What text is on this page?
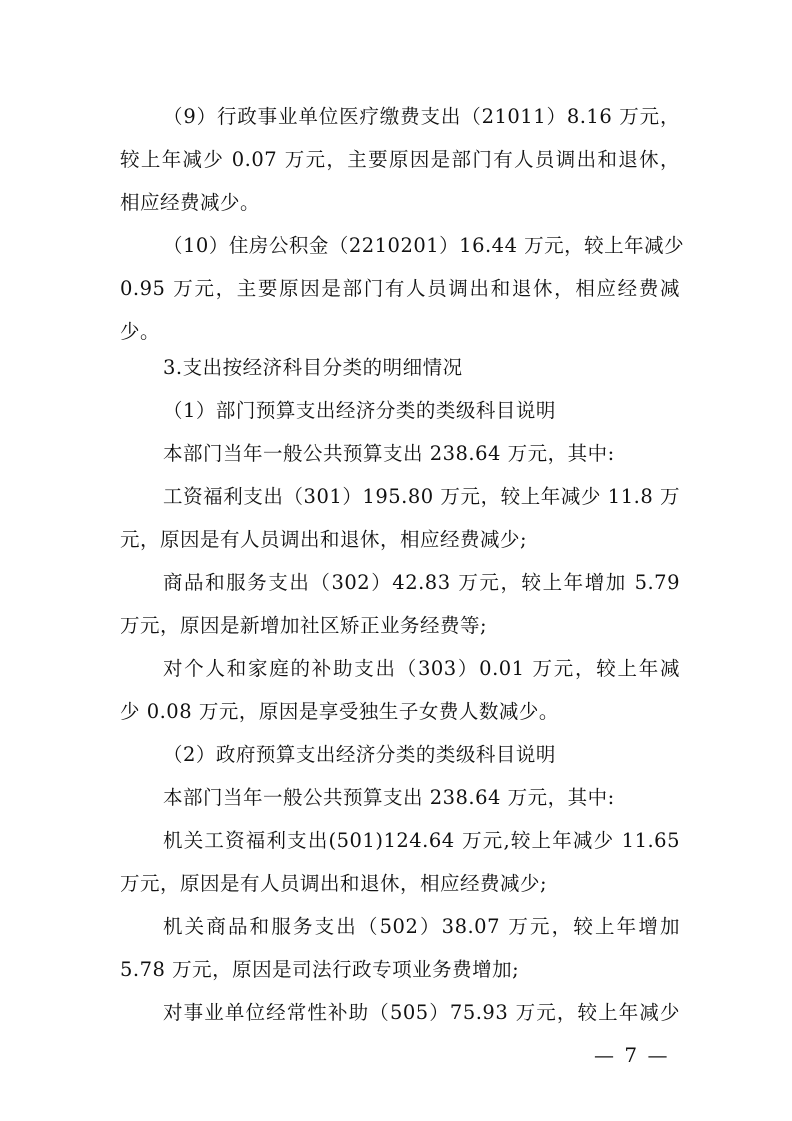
（9）行政事业单位医疗缴费支出（21011）8.16 万元，
较上年减少 0.07 万元，主要原因是部门有人员调出和退休，
相应经费减少。
（10）住房公积金（2210201）16.44 万元，较上年减少
0.95 万元，主要原因是部门有人员调出和退休，相应经费减
少。
3.支出按经济科目分类的明细情况
（1）部门预算支出经济分类的类级科目说明
本部门当年一般公共预算支出 238.64 万元，其中:
工资福利支出（301）195.80 万元，较上年减少 11.8 万
元，原因是有人员调出和退休，相应经费减少;
商品和服务支出（302）42.83 万元，较上年增加 5.79
万元，原因是新增加社区矫正业务经费等;
对个人和家庭的补助支出（303）0.01 万元，较上年减
少 0.08 万元，原因是享受独生子女费人数减少。
（2）政府预算支出经济分类的类级科目说明
本部门当年一般公共预算支出 238.64 万元，其中:
机关工资福利支出(501)124.64 万元,较上年减少 11.65
万元，原因是有人员调出和退休，相应经费减少;
机关商品和服务支出（502）38.07 万元，较上年增加
5.78 万元，原因是司法行政专项业务费增加;
对事业单位经常性补助（505）75.93 万元，较上年减少
— 7 —
